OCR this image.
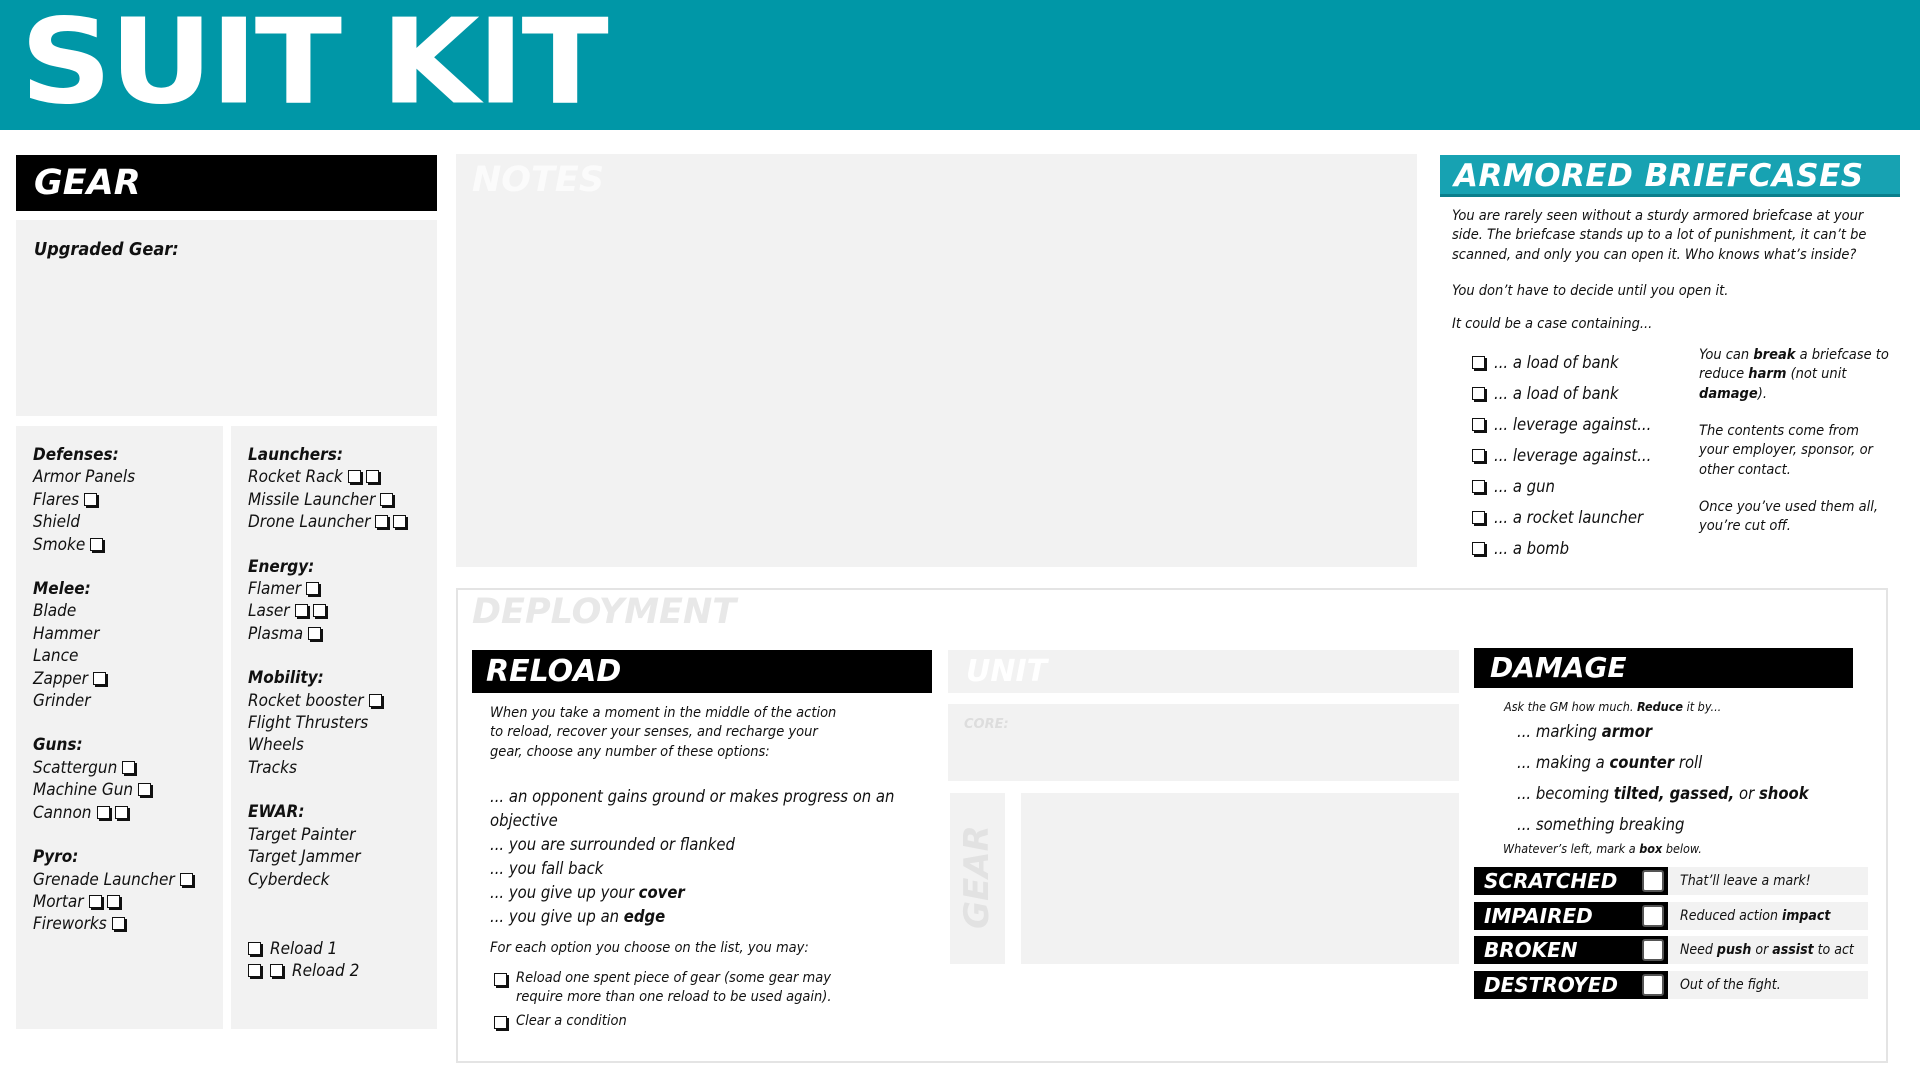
SUIT KIT
GEAR
Upgraded Gear:
Defenses:
Armor Panels
Flares
Shield
Smoke
Melee:
Blade
Hammer
Lance
Zapper
Grinder
Guns:
Scattergun
Machine Gun
Cannon
Pyro:
Grenade Launcher
Mortar
Fireworks
Launchers:
Rocket Rack
Missile Launcher
Drone Launcher
Energy:
Flamer
Laser
Plasma
Mobility:
Rocket booster
Flight Thrusters
Wheels
Tracks
EWAR:
Target Painter
Target Jammer
Cyberdeck
Reload 1
Reload 2
NOTES	ARMORED BRIEFCASES
You are rarely seen without a sturdy armored briefcase at your side. The briefcase stands up to a lot of punishment, it can’t be scanned, and only you can open it. Who knows what’s inside?
You don’t have to decide until you open it.
It could be a case containing...
... a load of bank
... a load of bank
... leverage against...
... leverage against...
... a gun
... a rocket launcher
... a bomb
You can break a briefcase to reduce harm (not unit damage).
The contents come from your employer, sponsor, or other contact.
Once you’ve used them all, you’re cut off.
DEPLOYMENT
RELOAD
When you take a moment in the middle of the action to reload, recover your senses, and recharge your gear, choose any number of these options:
... an opponent gains ground or makes progress on an objective
... you are surrounded or flanked
... you fall back
... you give up your cover
... you give up an edge
For each option you choose on the list, you may:
Reload one spent piece of gear (some gear may require more than one reload to be used again).
Clear a condition
UNIT
CORE:
GEAR
DAMAGE
Ask the GM how much. Reduce it by...
... marking armor
... making a counter roll
... becoming tilted, gassed, or shook
... something breaking
Whatever’s left, mark a box below.
SCRATCHED	That’ll leave a mark!
IMPAIRED	Reduced action impact
BROKEN	Need push or assist to act
DESTROYED	Out of the fight.
